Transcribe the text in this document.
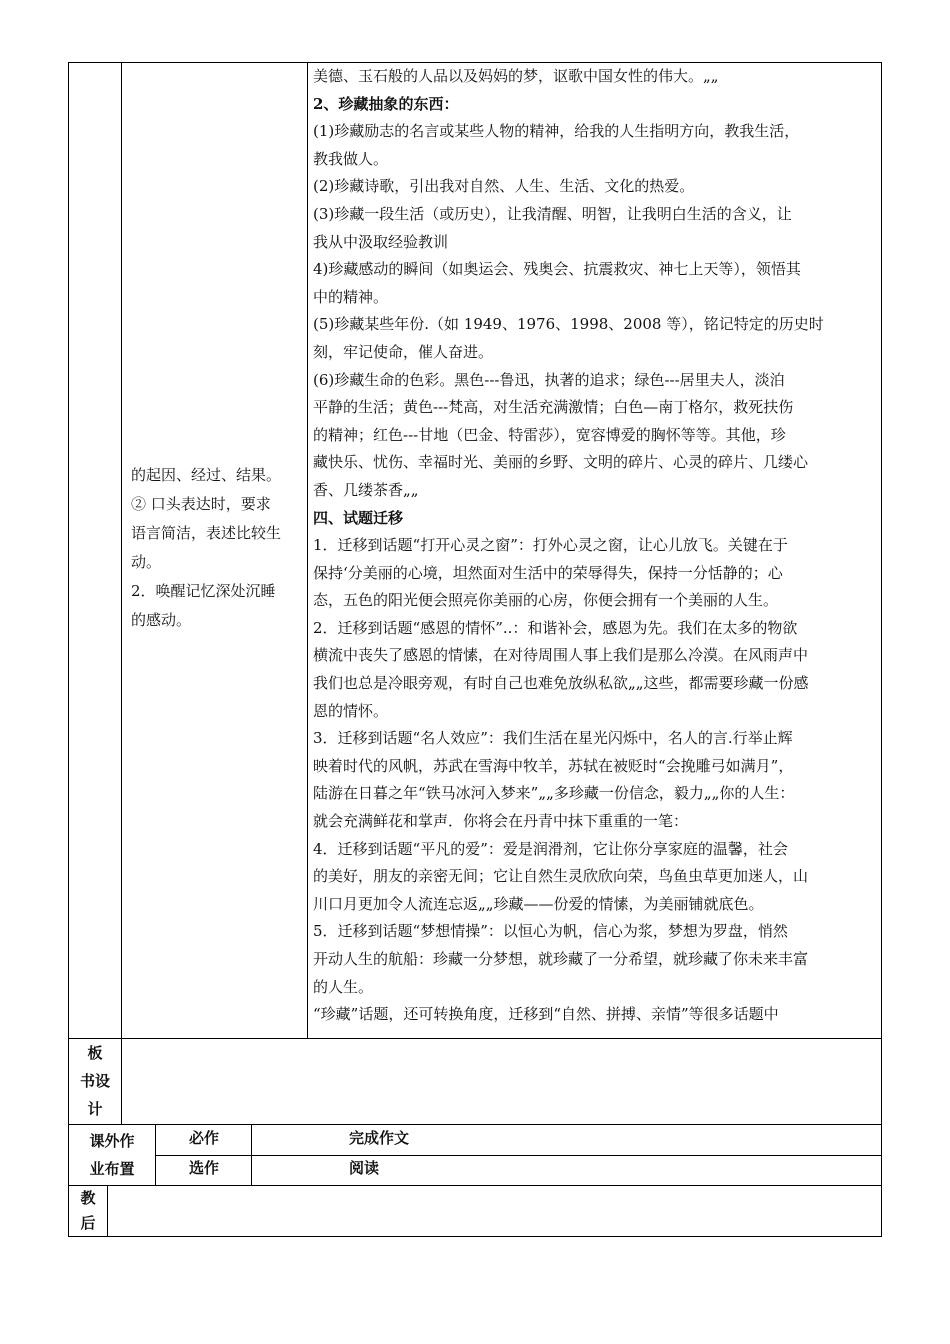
的起因、经过、结果。

② 口头表达时，要求

语言简洁，表述比较生

动。

2．唤醒记忆深处沉睡

的感动。

美德、玉石般的人品以及妈妈的梦，讴歌中国女性的伟大。„„

2、珍藏抽象的东西：

(1)珍藏励志的名言或某些人物的精神，给我的人生指明方向，教我生活，

教我做人。

(2)珍藏诗歌，引出我对自然、人生、生活、文化的热爱。

(3)珍藏一段生活（或历史），让我清醒、明智，让我明白生活的含义，让

我从中汲取经验教训

4)珍藏感动的瞬间（如奥运会、残奥会、抗震救灾、神七上天等），领悟其

中的精神。

(5)珍藏某些年份.（如 1949、1976、1998、2008 等），铭记特定的历史时

刻，牢记使命，催人奋进。

(6)珍藏生命的色彩。黑色---鲁迅，执著的追求；绿色---居里夫人，淡泊

平静的生活；黄色---梵高，对生活充满激情；白色—南丁格尔，救死扶伤

的精神；红色---甘地（巴金、特雷莎），宽容博爱的胸怀等等。其他，珍

藏快乐、忧伤、幸福时光、美丽的乡野、文明的碎片、心灵的碎片、几缕心

香、几缕茶香„„

四、试题迁移

1．迁移到话题“打开心灵之窗”：打外心灵之窗，让心儿放飞。关键在于

保持‘分美丽的心境，坦然面对生活中的荣辱得失，保持一分恬静的；心

态，五色的阳光便会照亮你美丽的心房，你便会拥有一个美丽的人生。

2．迁移到话题“感恩的情怀”..：和谐补会，感恩为先。我们在太多的物欲

横流中丧失了感恩的情愫，在对待周围人事上我们是那么冷漠。在风雨声中

我们也总是冷眼旁观，有时自己也难免放纵私欲„„这些，都需要珍藏一份感

恩的情怀。

3．迁移到话题“名人效应”：我们生活在星光闪烁中，名人的言.行举止辉

映着时代的风帆，苏武在雪海中牧羊，苏轼在被贬时“会挽雕弓如满月”，

陆游在日暮之年“铁马冰河入梦来”„„多珍藏一份信念，毅力„„你的人生：

就会充满鲜花和掌声．你将会在丹青中抹下重重的一笔：

4．迁移到话题“平凡的爱”：爱是润滑剂，它让你分享家庭的温馨，社会

的美好，朋友的亲密无间；它让自然生灵欣欣向荣，鸟鱼虫草更加迷人，山

川口月更加令人流连忘返„„珍藏——份爱的情愫，为美丽铺就底色。

5．迁移到话题“梦想情操”：以恒心为帆，信心为浆，梦想为罗盘，悄然

开动人生的航船：珍藏一分梦想，就珍藏了一分希望，就珍藏了你未来丰富

的人生。

“珍藏”话题，还可转换角度，迁移到“自然、拼搏、亲情”等很多话题中

板
书设
计
课外作
业布置
必作	完成作文
选作	阅读
教
后
